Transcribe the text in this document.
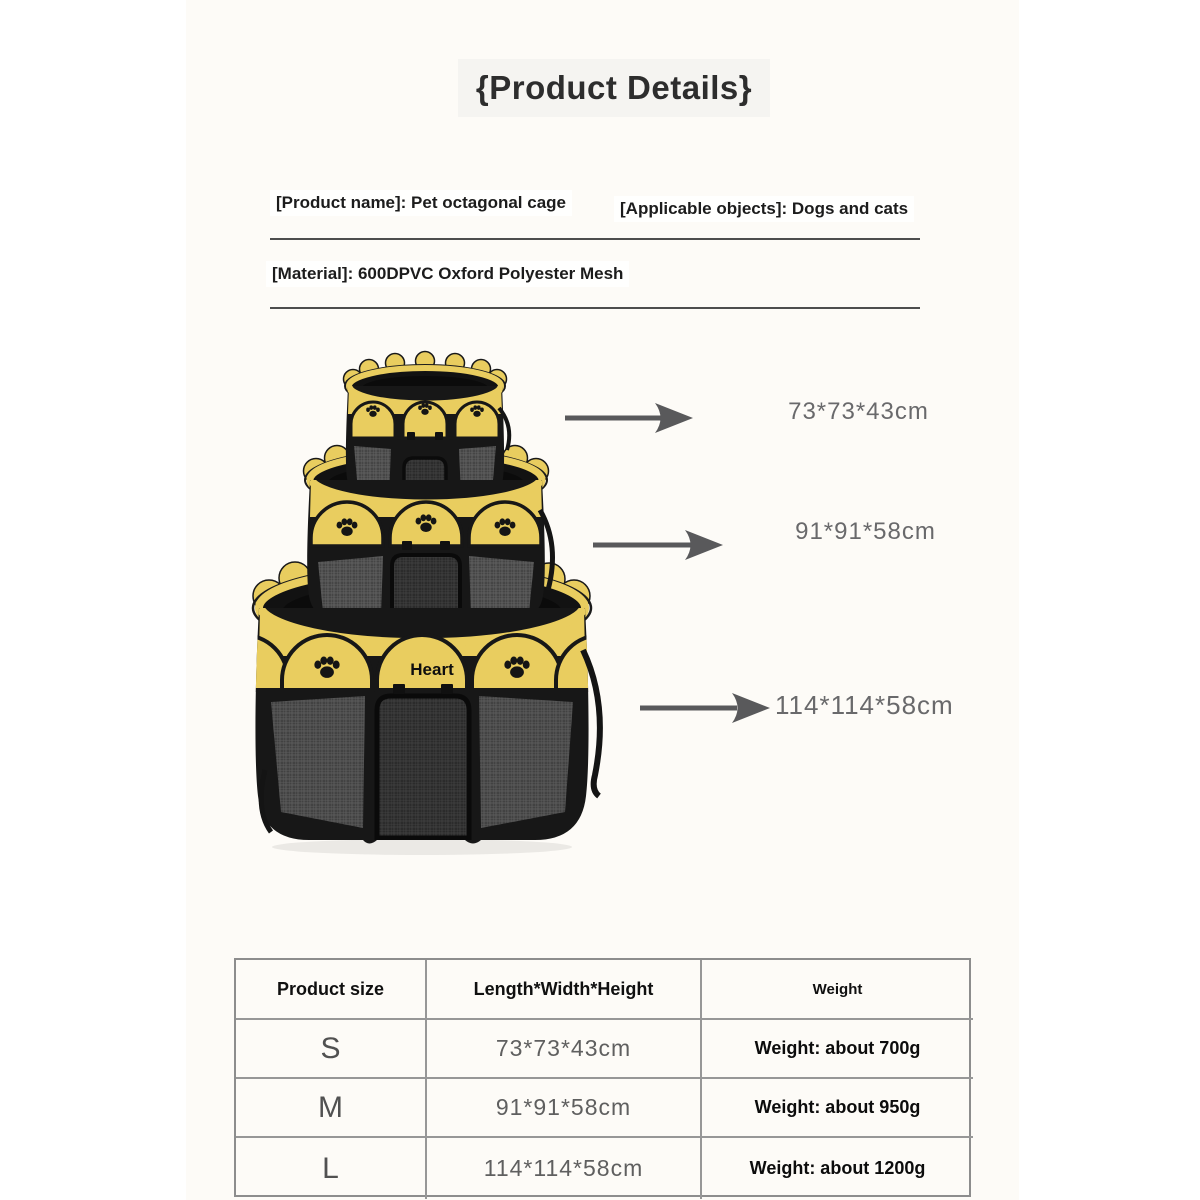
{Product Details}
[Product name]: Pet octagonal cage	[Applicable objects]: Dogs and cats
[Material]: 600DPVC Oxford Polyester Mesh
Heart
73*73*43cm
91*91*58cm
114*114*58cm
Product size	Length*Width*Height	Weight
S	73*73*43cm	Weight: about 700g
M	91*91*58cm	Weight: about 950g
L	114*114*58cm	Weight: about 1200g
